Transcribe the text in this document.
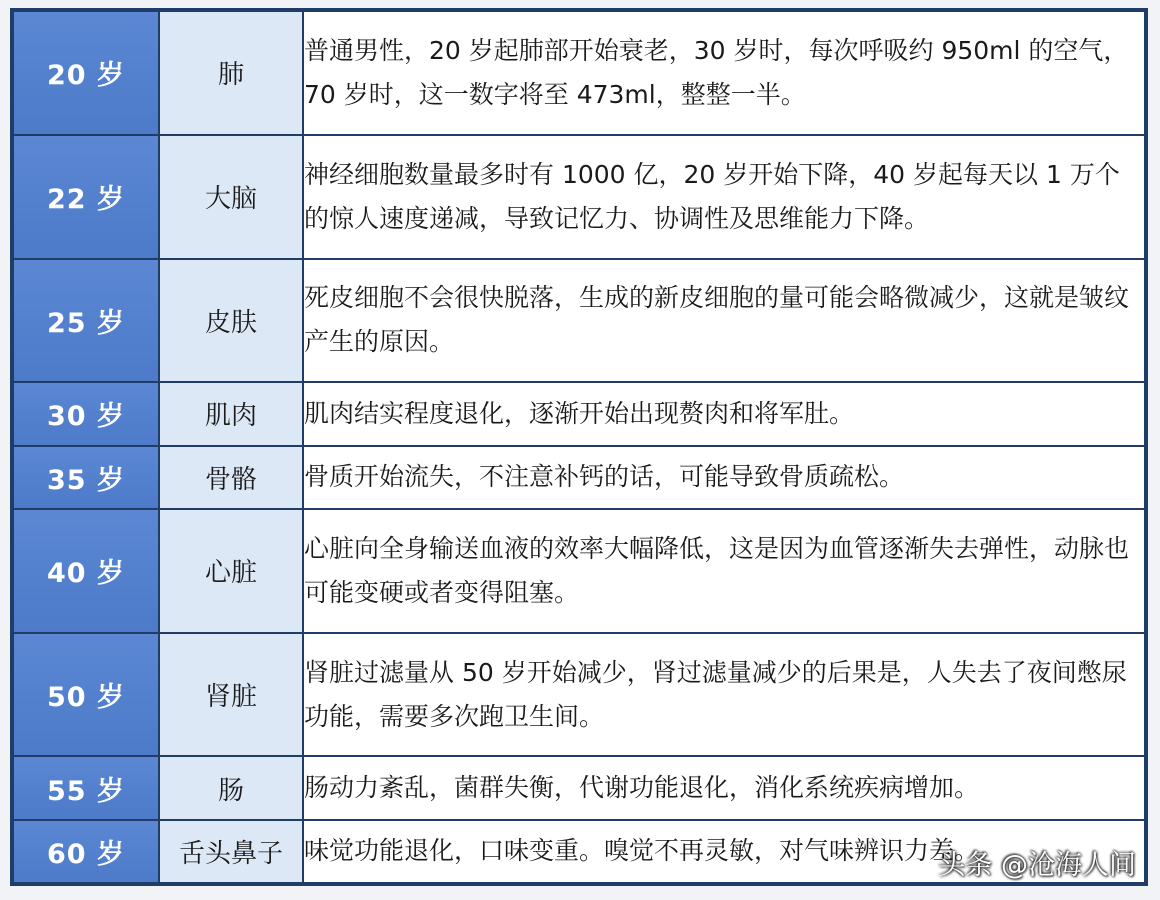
20 岁	肺	普通男性，20 岁起肺部开始衰老，30 岁时，每次呼吸约 950ml 的空气，70 岁时，这一数字将至 473ml，整整一半。
22 岁	大脑	神经细胞数量最多时有 1000 亿，20 岁开始下降，40 岁起每天以 1 万个的惊人速度递减，导致记忆力、协调性及思维能力下降。
25 岁	皮肤	死皮细胞不会很快脱落，生成的新皮细胞的量可能会略微减少，这就是皱纹产生的原因。
30 岁	肌肉	肌肉结实程度退化，逐渐开始出现赘肉和将军肚。
35 岁	骨骼	骨质开始流失，不注意补钙的话，可能导致骨质疏松。
40 岁	心脏	心脏向全身输送血液的效率大幅降低，这是因为血管逐渐失去弹性，动脉也可能变硬或者变得阻塞。
50 岁	肾脏	肾脏过滤量从 50 岁开始减少，肾过滤量减少的后果是，人失去了夜间憋尿功能，需要多次跑卫生间。
55 岁	肠	肠动力紊乱，菌群失衡，代谢功能退化，消化系统疾病增加。
60 岁	舌头鼻子	味觉功能退化，口味变重。嗅觉不再灵敏，对气味辨识力差。
头条 @沧海人间
